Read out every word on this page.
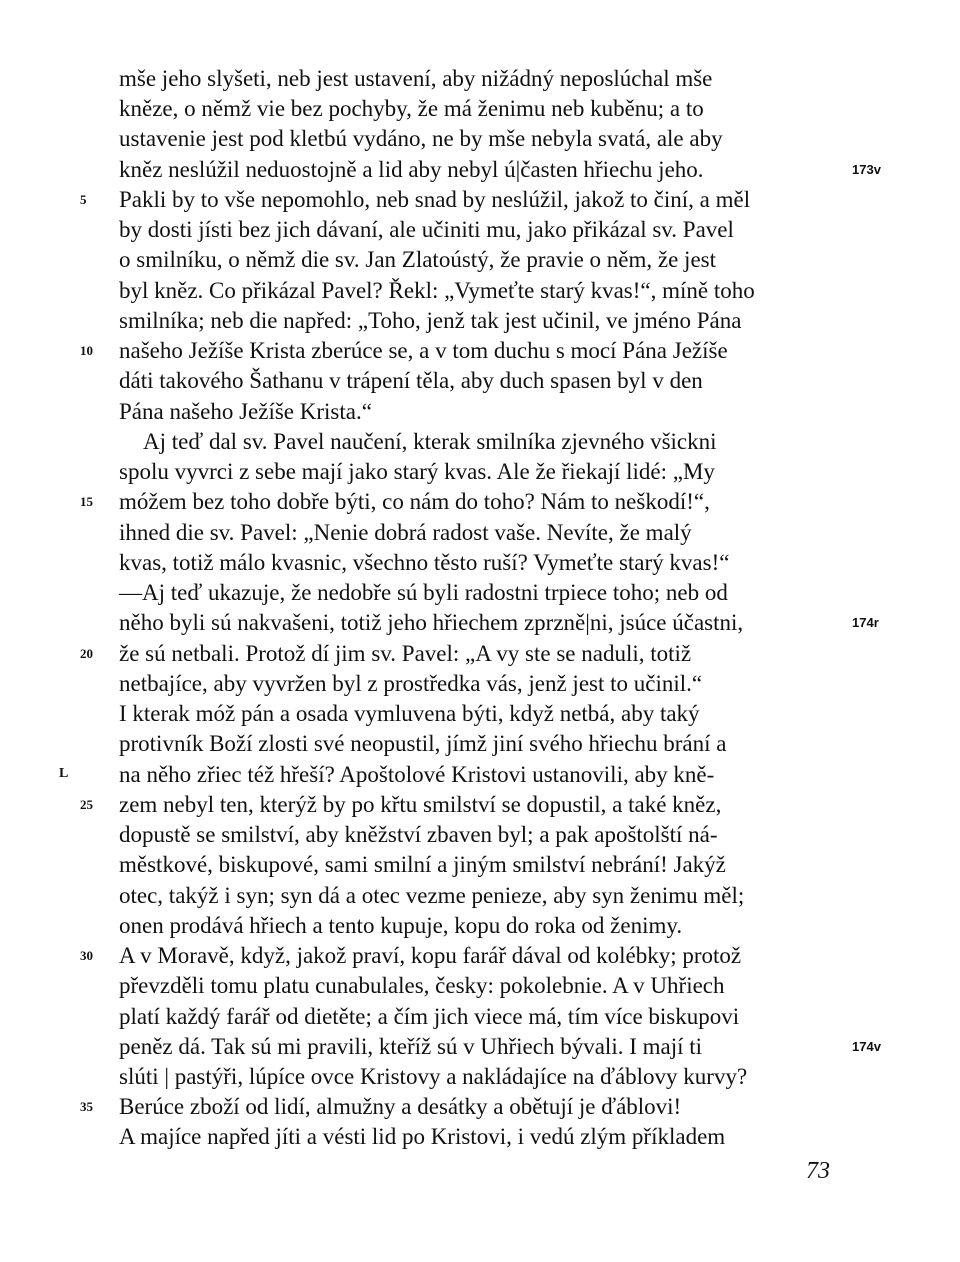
mše jeho slyšeti, neb jest ustavení, aby nižádný neposlúchal mše
kněze, o němž vie bez pochyby, že má ženimu neb kuběnu; a to
ustavenie jest pod kletbú vydáno, ne by mše nebyla svatá, ale aby
kněz neslúžil neduostojně a lid aby nebyl ú|časten hřiechu jeho.
Pakli by to vše nepomohlo, neb snad by neslúžil, jakož to činí, a měl
by dosti jísti bez jich dávaní, ale učiniti mu, jako přikázal sv. Pavel
o smilníku, o němž die sv. Jan Zlatoústý, že pravie o něm, že jest
byl kněz. Co přikázal Pavel? Řekl: „Vymeťte starý kvas!“, míně toho
smilníka; neb die napřed: „Toho, jenž tak jest učinil, ve jméno Pána
našeho Ježíše Krista zberúce se, a v tom duchu s mocí Pána Ježíše
dáti takového Šathanu v trápení těla, aby duch spasen byl v den
Pána našeho Ježíše Krista.“
Aj teď dal sv. Pavel naučení, kterak smilníka zjevného všickni
spolu vyvrci z sebe mají jako starý kvas. Ale že řiekají lidé: „My
móžem bez toho dobře býti, co nám do toho? Nám to neškodí!“,
ihned die sv. Pavel: „Nenie dobrá radost vaše. Nevíte, že malý
kvas, totiž málo kvasnic, všechno těsto ruší? Vymeťte starý kvas!“
—Aj teď ukazuje, že nedobře sú byli radostni trpiece toho; neb od
něho byli sú nakvašeni, totiž jeho hřiechem zprzně|ni, jsúce účastni,
že sú netbali. Protož dí jim sv. Pavel: „A vy ste se naduli, totiž
netbajíce, aby vyvržen byl z prostředka vás, jenž jest to učinil.“
I kterak móž pán a osada vymluvena býti, když netbá, aby taký
protivník Boží zlosti své neopustil, jímž jiní svého hřiechu brání a
na něho zřiec též hřeší? Apoštolové Kristovi ustanovili, aby kně-
zem nebyl ten, kterýž by po křtu smilství se dopustil, a také kněz,
dopustě se smilství, aby kněžství zbaven byl; a pak apoštolští ná-
městkové, biskupové, sami smilní a jiným smilství nebrání! Jakýž
otec, takýž i syn; syn dá a otec vezme penieze, aby syn ženimu měl;
onen prodává hřiech a tento kupuje, kopu do roka od ženimy.
A v Moravě, když, jakož praví, kopu farář dával od kolébky; protož
převzděli tomu platu cunabulales, česky: pokolebnie. A v Uhřiech
platí každý farář od dietěte; a čím jich viece má, tím více biskupovi
peněz dá. Tak sú mi pravili, kteříž sú v Uhřiech bývali. I mají ti
slúti | pastýři, lúpíce ovce Kristovy a nakládajíce na ďáblovy kurvy?
Berúce zboží od lidí, almužny a desátky a obětují je ďáblovi!
A majíce napřed jíti a vésti lid po Kristovi, i vedú zlým příkladem
5
10
15
20
25
30
35
L
173v
174r
174v
73
